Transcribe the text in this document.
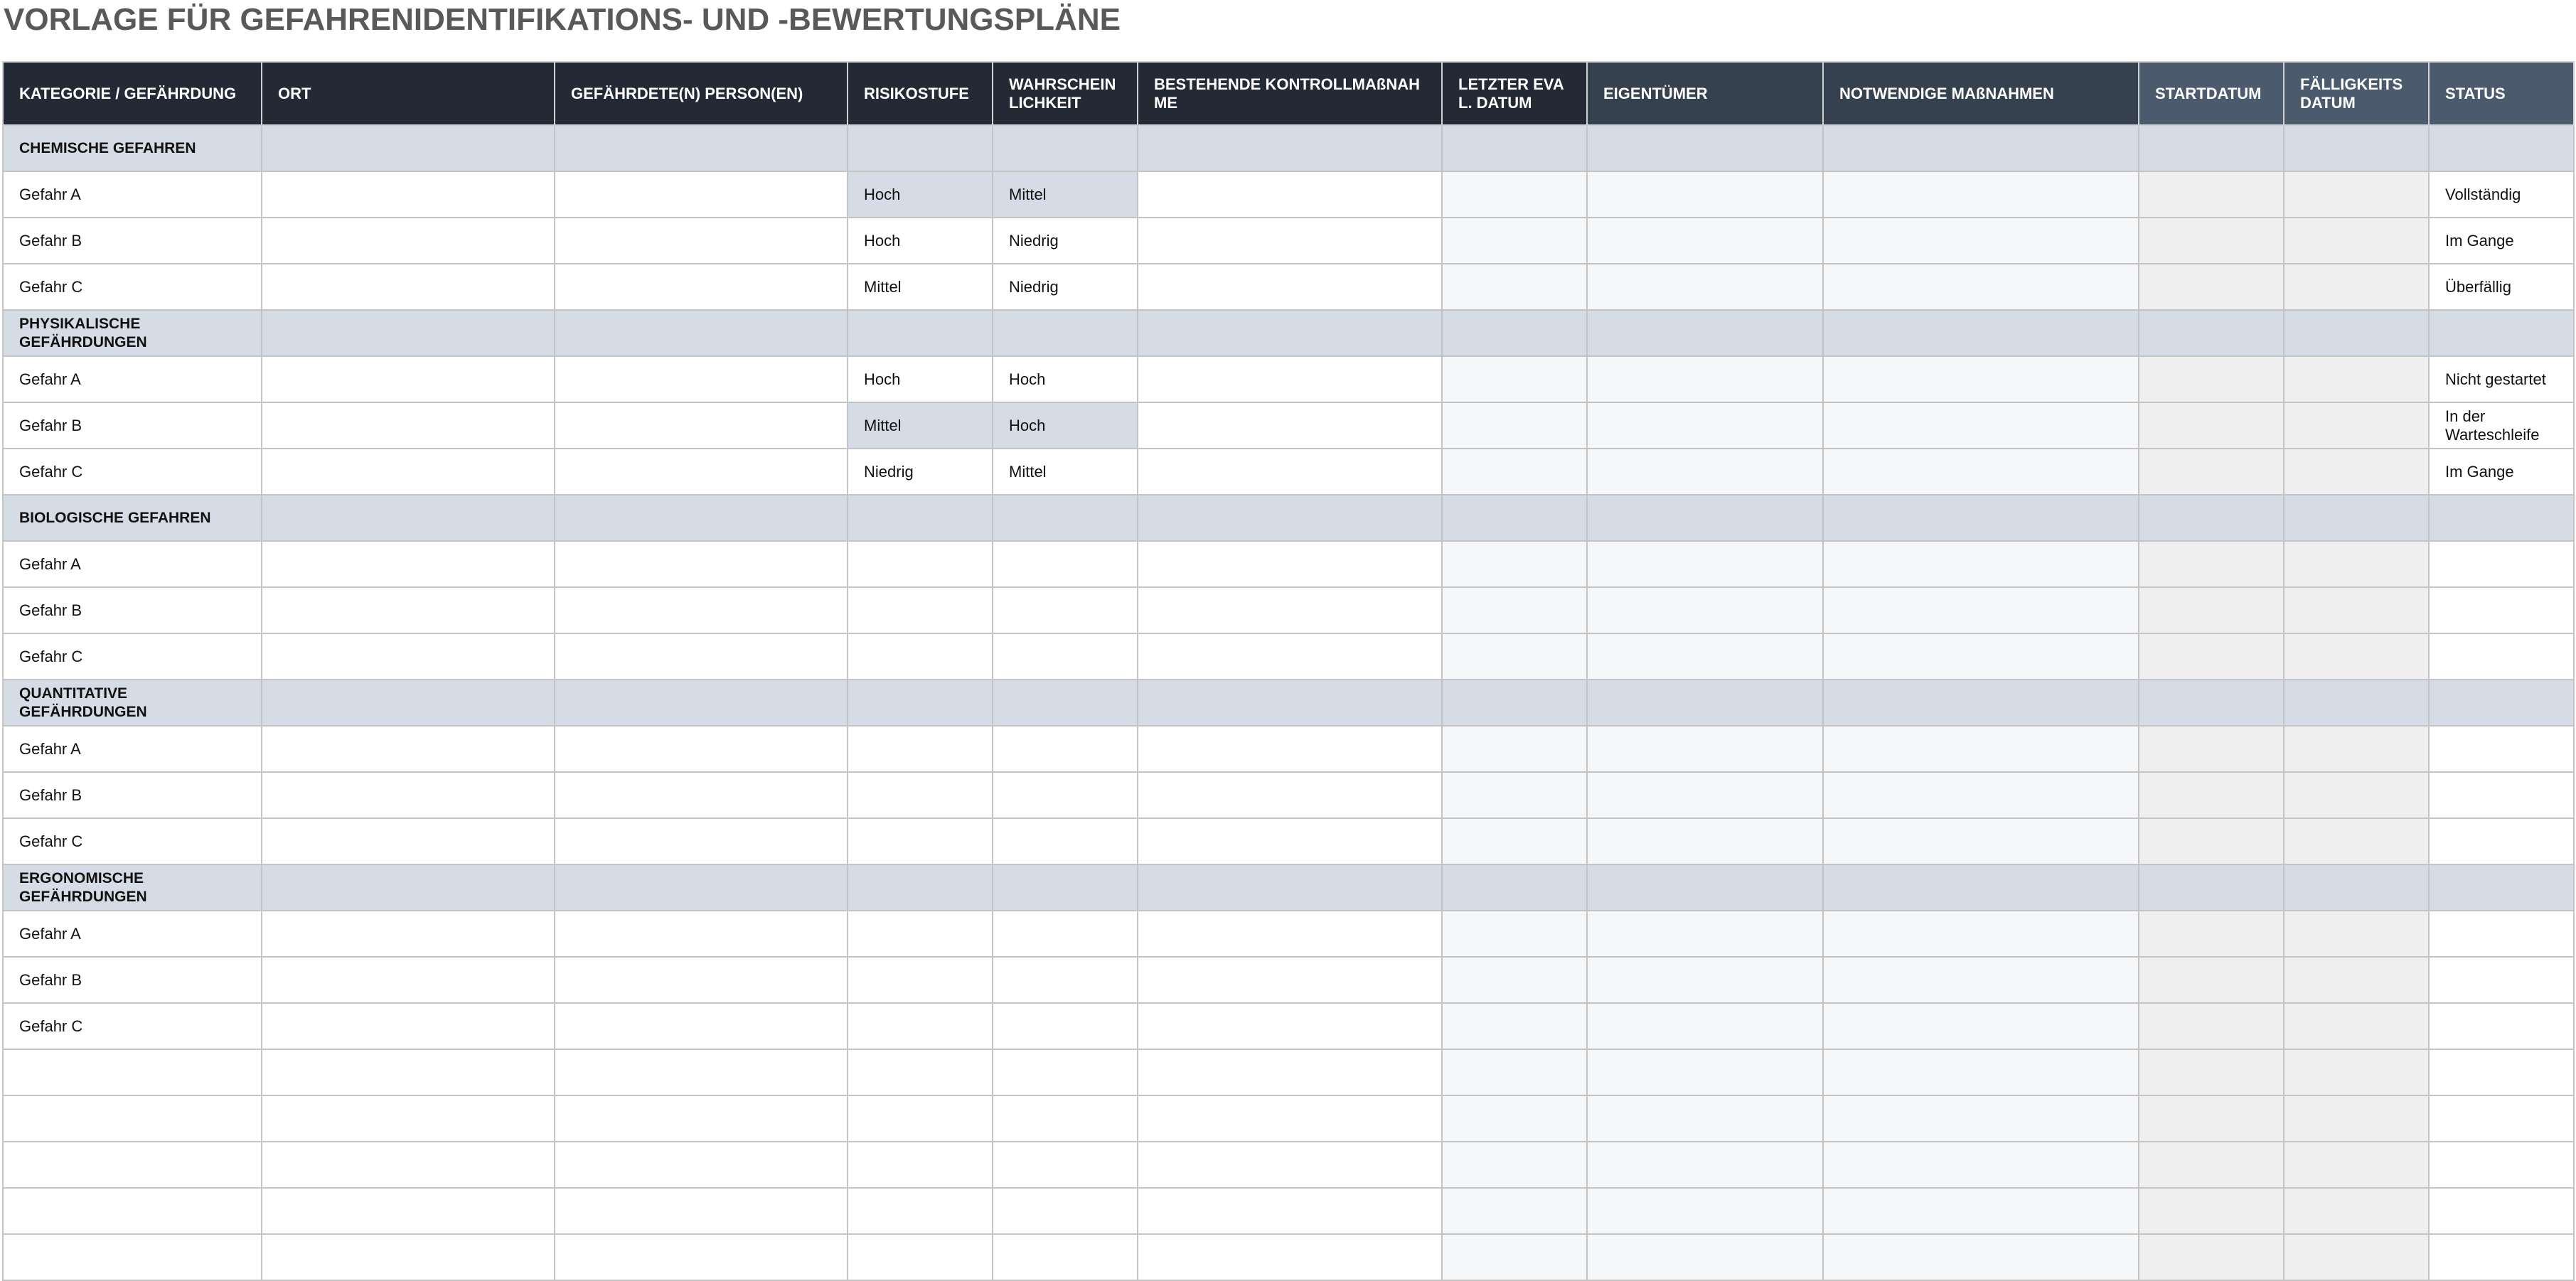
VORLAGE FÜR GEFAHRENIDENTIFIKATIONS- UND -BEWERTUNGSPLÄNE
KATEGORIE / GEFÄHRDUNG	ORT	GEFÄHRDETE(N) PERSON(EN)	RISIKOSTUFE	WAHRSCHEINLICHKEIT	BESTEHENDE KONTROLLMAßNAHME	LETZTER EVAL. DATUM	EIGENTÜMER	NOTWENDIGE MAßNAHMEN	STARTDATUM	FÄLLIGKEITSDATUM	STATUS
CHEMISCHE GEFAHREN											
Gefahr A			Hoch	Mittel							Vollständig
Gefahr B			Hoch	Niedrig							Im Gange
Gefahr C			Mittel	Niedrig							Überfällig
PHYSIKALISCHE GEFÄHRDUNGEN											
Gefahr A			Hoch	Hoch							Nicht gestartet
Gefahr B			Mittel	Hoch							In der Warteschleife
Gefahr C			Niedrig	Mittel							Im Gange
BIOLOGISCHE GEFAHREN											
Gefahr A											
Gefahr B											
Gefahr C											
QUANTITATIVE GEFÄHRDUNGEN											
Gefahr A											
Gefahr B											
Gefahr C											
ERGONOMISCHE GEFÄHRDUNGEN											
Gefahr A											
Gefahr B											
Gefahr C											
